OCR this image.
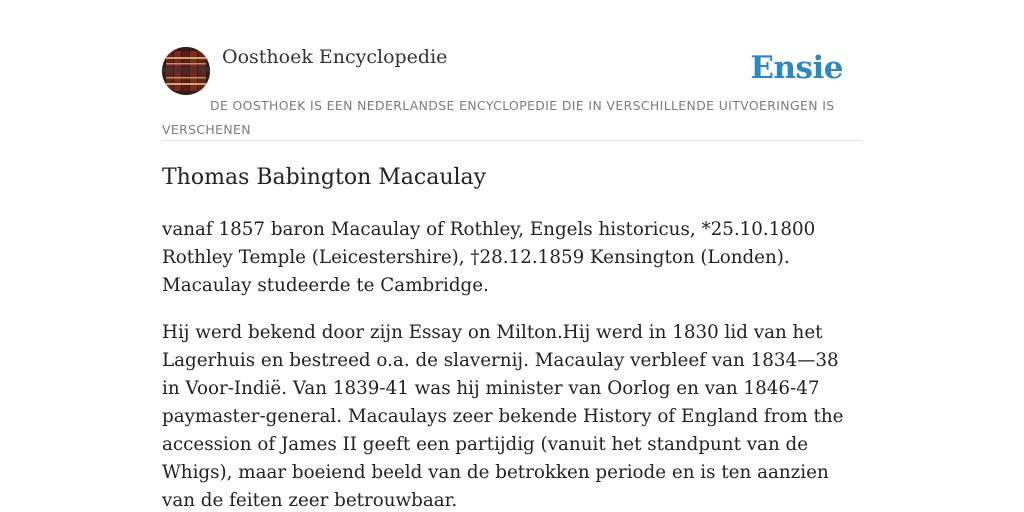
Oosthoek Encyclopedie	Ensie
DE OOSTHOEK IS EEN NEDERLANDSE ENCYCLOPEDIE DIE IN VERSCHILLENDE UITVOERINGEN IS VERSCHENEN
Thomas Babington Macaulay

vanaf 1857 baron Macaulay of Rothley, Engels historicus, *25.10.1800 Rothley Temple (Leicestershire), †28.12.1859 Kensington (Londen). Macaulay studeerde te Cambridge.

Hij werd bekend door zijn Essay on Milton.Hij werd in 1830 lid van het Lagerhuis en bestreed o.a. de slavernij. Macaulay verbleef van 1834—38 in Voor-Indië. Van 1839-41 was hij minister van Oorlog en van 1846-47 paymaster-general. Macaulays zeer bekende History of England from the accession of James II geeft een partijdig (vanuit het standpunt van de Whigs), maar boeiend beeld van de betrokken periode en is ten aanzien van de feiten zeer betrouwbaar.
